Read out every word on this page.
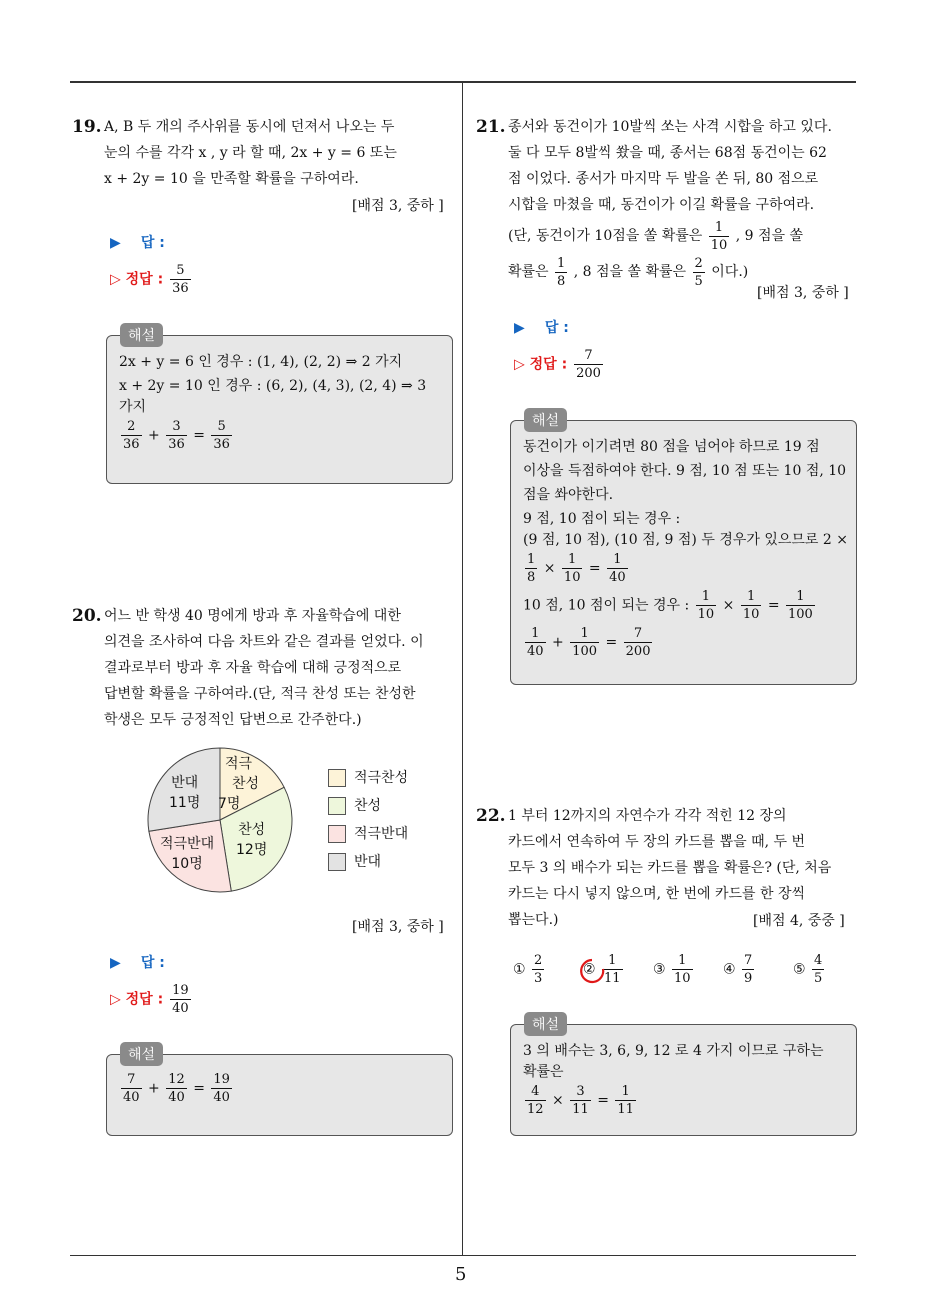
5
19. A, B 두 개의 주사위를 동시에 던져서 나오는 두
눈의 수를 각각 x , y 라 할 때, 2x + y = 6 또는
x + 2y = 10 을 만족할 확률을 구하여라.
[배점 3, 중하 ]
▶ 답 :
▷ 정답 : $\frac{5}{36}$
2x + y = 6 인 경우 : (1, 4), (2, 2) ⇒ 2 가지
x + 2y = 10 인 경우 : (6, 2), (4, 3), (2, 4) ⇒ 3
가지
$\frac{2}{36} + \frac{3}{36} = \frac{5}{36}$
해설
20. 어느 반 학생 40 명에게 방과 후 자율학습에 대한
의견을 조사하여 다음 차트와 같은 결과를 얻었다. 이
결과로부터 방과 후 자율 학습에 대해 긍정적으로
답변할 확률을 구하여라.(단, 적극 찬성 또는 찬성한
학생은 모두 긍정적인 답변으로 간주한다.)
적극
찬성
7명
찬성
12명
적극반대
10명
반대
11명
적극찬성
찬성
적극반대
반대
[배점 3, 중하 ]
▶ 답 :
▷ 정답 : $\frac{19}{40}$
$\frac{7}{40} + \frac{12}{40} = \frac{19}{40}$
해설
21. 종서와 동건이가 10발씩 쏘는 사격 시합을 하고 있다.
둘 다 모두 8발씩 쐈을 때, 종서는 68점 동건이는 62
점 이었다. 종서가 마지막 두 발을 쏜 뒤, 80 점으로
시합을 마쳤을 때, 동건이가 이길 확률을 구하여라.
(단, 동건이가 10점을 쏠 확률은 $\frac{1}{10}$ , 9 점을 쏠
확률은 $\frac{1}{8}$ , 8 점을 쏠 확률은 $\frac{2}{5}$ 이다.)
[배점 3, 중하 ]
▶ 답 :
▷ 정답 : $\frac{7}{200}$
동건이가 이기려면 80 점을 넘어야 하므로 19 점
이상을 득점하여야 한다. 9 점, 10 점 또는 10 점, 10
점을 쏴야한다.
9 점, 10 점이 되는 경우 :
(9 점, 10 점), (10 점, 9 점) 두 경우가 있으므로 2 ×
$\frac{1}{8} \times \frac{1}{10} = \frac{1}{40}$
10 점, 10 점이 되는 경우 : $\frac{1}{10} \times \frac{1}{10} = \frac{1}{100}$
$\frac{1}{40} + \frac{1}{100} = \frac{7}{200}$
해설
22. 1 부터 12까지의 자연수가 각각 적힌 12 장의
카드에서 연속하여 두 장의 카드를 뽑을 때, 두 번
모두 3 의 배수가 되는 카드를 뽑을 확률은? (단, 처음
카드는 다시 넣지 않으며, 한 번에 카드를 한 장씩
뽑는다.)	[배점 4, 중중 ]
① $\frac{2}{3}$	② $\frac{1}{11}$ ③ $\frac{1}{10}$ ④ $\frac{7}{9}$	⑤ $\frac{4}{5}$
3 의 배수는 3, 6, 9, 12 로 4 가지 이므로 구하는
확률은
$\frac{4}{12} \times \frac{3}{11} = \frac{1}{11}$
해설
